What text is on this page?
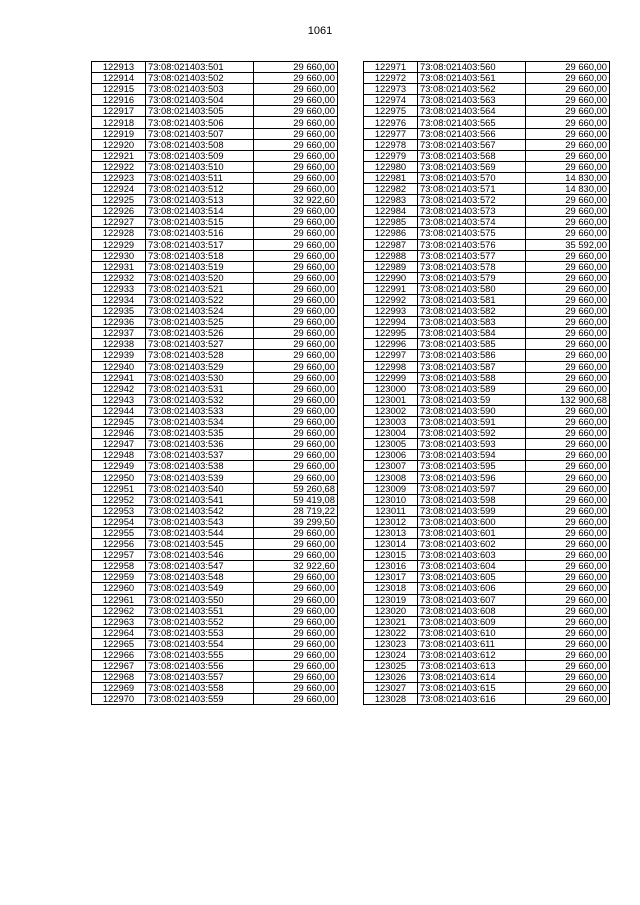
1061
122913	73:08:021403:501	29 660,00
122914	73:08:021403:502	29 660,00
122915	73:08:021403:503	29 660,00
122916	73:08:021403:504	29 660,00
122917	73:08:021403:505	29 660,00
122918	73:08:021403:506	29 660,00
122919	73:08:021403:507	29 660,00
122920	73:08:021403:508	29 660,00
122921	73:08:021403:509	29 660,00
122922	73:08:021403:510	29 660,00
122923	73:08:021403:511	29 660,00
122924	73:08:021403:512	29 660,00
122925	73:08:021403:513	32 922,60
122926	73:08:021403:514	29 660,00
122927	73:08:021403:515	29 660,00
122928	73:08:021403:516	29 660,00
122929	73:08:021403:517	29 660,00
122930	73:08:021403:518	29 660,00
122931	73:08:021403:519	29 660,00
122932	73:08:021403:520	29 660,00
122933	73:08:021403:521	29 660,00
122934	73:08:021403:522	29 660,00
122935	73:08:021403:524	29 660,00
122936	73:08:021403:525	29 660,00
122937	73:08:021403:526	29 660,00
122938	73:08:021403:527	29 660,00
122939	73:08:021403:528	29 660,00
122940	73:08:021403:529	29 660,00
122941	73:08:021403:530	29 660,00
122942	73:08:021403:531	29 660,00
122943	73:08:021403:532	29 660,00
122944	73:08:021403:533	29 660,00
122945	73:08:021403:534	29 660,00
122946	73:08:021403:535	29 660,00
122947	73:08:021403:536	29 660,00
122948	73:08:021403:537	29 660,00
122949	73:08:021403:538	29 660,00
122950	73:08:021403:539	29 660,00
122951	73:08:021403:540	59 260,68
122952	73:08:021403:541	59 419,08
122953	73:08:021403:542	28 719,22
122954	73:08:021403:543	39 299,50
122955	73:08:021403:544	29 660,00
122956	73:08:021403:545	29 660,00
122957	73:08:021403:546	29 660,00
122958	73:08:021403:547	32 922,60
122959	73:08:021403:548	29 660,00
122960	73:08:021403:549	29 660,00
122961	73:08:021403:550	29 660,00
122962	73:08:021403:551	29 660,00
122963	73:08:021403:552	29 660,00
122964	73:08:021403:553	29 660,00
122965	73:08:021403:554	29 660,00
122966	73:08:021403:555	29 660,00
122967	73:08:021403:556	29 660,00
122968	73:08:021403:557	29 660,00
122969	73:08:021403:558	29 660,00
122970	73:08:021403:559	29 660,00
122971	73:08:021403:560	29 660,00
122972	73:08:021403:561	29 660,00
122973	73:08:021403:562	29 660,00
122974	73:08:021403:563	29 660,00
122975	73:08:021403:564	29 660,00
122976	73:08:021403:565	29 660,00
122977	73:08:021403:566	29 660,00
122978	73:08:021403:567	29 660,00
122979	73:08:021403:568	29 660,00
122980	73:08:021403:569	29 660,00
122981	73:08:021403:570	14 830,00
122982	73:08:021403:571	14 830,00
122983	73:08:021403:572	29 660,00
122984	73:08:021403:573	29 660,00
122985	73:08:021403:574	29 660,00
122986	73:08:021403:575	29 660,00
122987	73:08:021403:576	35 592,00
122988	73:08:021403:577	29 660,00
122989	73:08:021403:578	29 660,00
122990	73:08:021403:579	29 660,00
122991	73:08:021403:580	29 660,00
122992	73:08:021403:581	29 660,00
122993	73:08:021403:582	29 660,00
122994	73:08:021403:583	29 660,00
122995	73:08:021403:584	29 660,00
122996	73:08:021403:585	29 660,00
122997	73:08:021403:586	29 660,00
122998	73:08:021403:587	29 660,00
122999	73:08:021403:588	29 660,00
123000	73:08:021403:589	29 660,00
123001	73:08:021403:59	132 900,68
123002	73:08:021403:590	29 660,00
123003	73:08:021403:591	29 660,00
123004	73:08:021403:592	29 660,00
123005	73:08:021403:593	29 660,00
123006	73:08:021403:594	29 660,00
123007	73:08:021403:595	29 660,00
123008	73:08:021403:596	29 660,00
123009	73:08:021403:597	29 660,00
123010	73:08:021403:598	29 660,00
123011	73:08:021403:599	29 660,00
123012	73:08:021403:600	29 660,00
123013	73:08:021403:601	29 660,00
123014	73:08:021403:602	29 660,00
123015	73:08:021403:603	29 660,00
123016	73:08:021403:604	29 660,00
123017	73:08:021403:605	29 660,00
123018	73:08:021403:606	29 660,00
123019	73:08:021403:607	29 660,00
123020	73:08:021403:608	29 660,00
123021	73:08:021403:609	29 660,00
123022	73:08:021403:610	29 660,00
123023	73:08:021403:611	29 660,00
123024	73:08:021403:612	29 660,00
123025	73:08:021403:613	29 660,00
123026	73:08:021403:614	29 660,00
123027	73:08:021403:615	29 660,00
123028	73:08:021403:616	29 660,00
